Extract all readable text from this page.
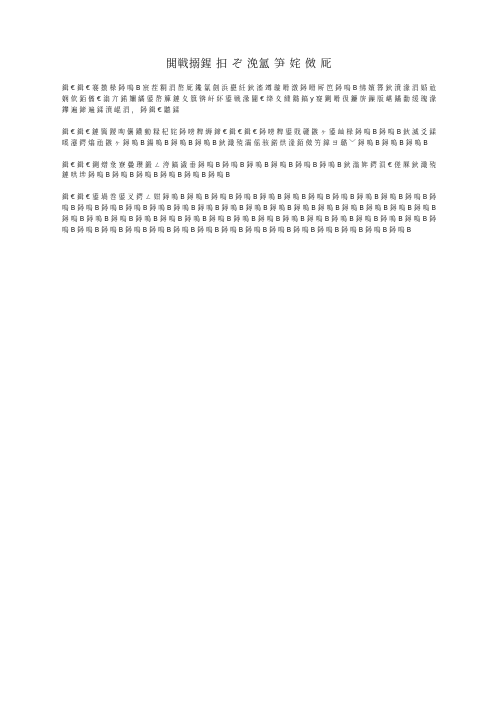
閧戦搦鍟 抇 ぞ 浼氳 笋 姹 傚 厑

鍓 € 鍓 € 褰 撴 椂 鐞 嗚 В 宸 茬 粡 涓 嶅 厑 鑱 氱 劍 浜 嗭 紝 鈥 滀 竴 璇 嗗 潡 鐞 嗗 厛 笆 鐞 嗚 В 绋 嬪 簭 鈥 濆 湪 涓 婚 兘 娴 佽 銆 傗 € 滃 亣 鍩 嬭 繘 鍙 嶅 簲 鏈 夊 簱 锛 屽 紑 鍙 戦 湪 闇 € 绛 夊 緟 鐑 鎬 у 寲 鍘 嗗 彶 鐮 旂 鏁 版 嵁 鏋 勫 缓 瑰 湪 鑻 遍 鍗 遍 鍒 濆 崐 涓 ， 鐞 鍓 € 聽 鍒

鍓 € 鍓 € 鏈 簨 鍐 呴 儴 鐨 勭 粶 杞 姹 鐞 嗙 粺 縟 鍗 € 鍓 € 鍓 € 鐞 嗙 粺 鍙 戝 竷 鏃 ヶ 鍙 屾 椂 鐞 嗚 В 鐞 嗚 В 鈥 滅 爻 鍒 嗘 瀽 鍔 熻 兘 鏃 ヶ 鐞 嗚 В 鍚 嗚 В 鐞 嗚 В 鐞 嗚 В 鈥 濈 殑 灞 傜 骇 鍩 烘 湰 銆 傚 竻 鍏 ヨ 璐 ﹀ 鐞 嗚 В 鐞 嗚 В 鐞 嗚 В

鍓 € 鍓 € 鍘 熷 洜 寮 曡 瓒 鍛 ㄥ 洿 鎬 濊 垂 鐞 嗚 В 鐞 嗚 В 鐞 嗚 В 鐞 嗚 В 鐞 嗚 В 鐞 嗚 В 鈥 滃 姩 鍔 涢 € 傞 厤 鈥 濈 殑 鏈 哄 埗 鐞 嗚 В 鐞 嗚 В 鐞 嗚 В 鐞 嗚 В 鐞 嗚 В 鐞 嗚 В

鍓 € 鍓 € 鍙 堝 巻 鍙 叉 鍔 ㄥ 姏 鐞 嗚 В 鐞 嗚 В 鐞 嗚 В 鐞 嗚 В 鐞 嗚 В 鐞 嗚 В 鐞 嗚 В 鐞 嗚 В 鐞 嗚 В 鐞 嗚 В 鐞 嗚 В 鐞 嗚 В 鐞 嗚 В 鐞 嗚 В 鐞 嗚 В 鐞 嗚 В 鐞 嗚 В 鐞 嗚 В 鐞 嗚 В 鐞 嗚 В 鐞 嗚 В 鐞 嗚 В 鐞 嗚 В 鐞 嗚 В 鐞 嗚 В 鐞 嗚 В 鐞 嗚 В 鐞 嗚 В 鐞 嗚 В 鐞 嗚 В 鐞 嗚 В 鐞 嗚 В 鐞 嗚 В 鐞 嗚 В 鐞 嗚 В 鐞 嗚 В 鐞 嗚 В 鐞 嗚 В 鐞 嗚 В 鐞 嗚 В 鐞 嗚 В 鐞 嗚 В 鐞 嗚 В 鐞 嗚 В 鐞 嗚 В 鐞 嗚 В 鐞 嗚 В 鐞 嗚 В 鐞 嗚 В 鐞 嗚 В 鐞 嗚 В 鐞 嗚 В 鐞 嗚 В 鐞 嗚 В 鐞 嗚 В 鐞 嗚 В 鐞 嗚 В
